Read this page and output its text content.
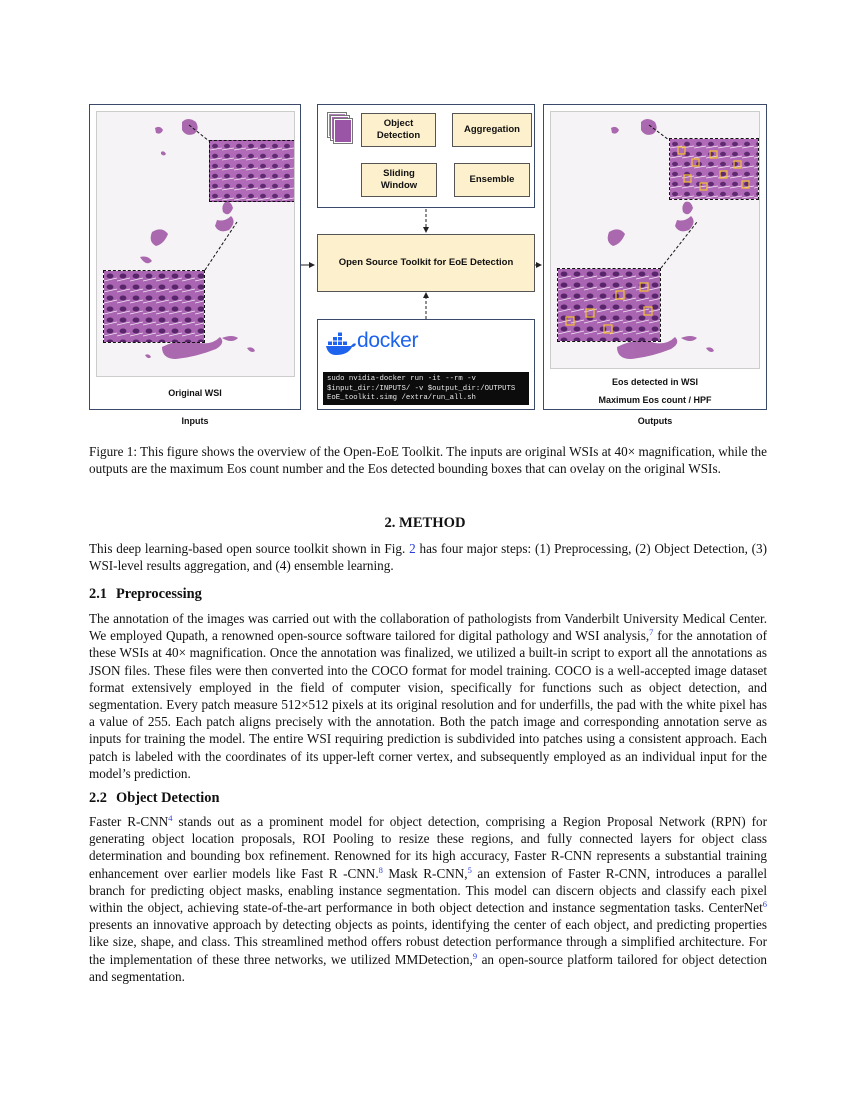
Original WSI
Inputs
Object
Detection
Aggregation
Sliding
Window
Ensemble
Open Source Toolkit for EoE Detection
docker
sudo nvidia-docker run -it --rm -v
$input_dir:/INPUTS/ -v $output_dir:/OUTPUTS
EoE_toolkit.simg /extra/run_all.sh
Eos detected in WSI
Maximum Eos count / HPF
Outputs
Figure 1: This figure shows the overview of the Open-EoE Toolkit. The inputs are original WSIs at 40× magnification, while the outputs are the maximum Eos count number and the Eos detected bounding boxes that can ovelay on the original WSIs.
2. METHOD
This deep learning-based open source toolkit shown in Fig. 2 has four major steps: (1) Preprocessing, (2) Object Detection, (3) WSI-level results aggregation, and (4) ensemble learning.
2.1 Preprocessing
The annotation of the images was carried out with the collaboration of pathologists from Vanderbilt University Medical Center. We employed Qupath, a renowned open-source software tailored for digital pathology and WSI analysis,$^7$ for the annotation of these WSIs at 40× magnification. Once the annotation was finalized, we utilized a built-in script to export all the annotations as JSON files. These files were then converted into the COCO format for model training. COCO is a well-accepted image dataset format extensively employed in the field of computer vision, specifically for functions such as object detection, and segmentation. Every patch measure 512×512 pixels at its original resolution and for underfills, the pad with the white pixel has a value of 255. Each patch aligns precisely with the annotation. Both the patch image and corresponding annotation serve as inputs for training the model. The entire WSI requiring prediction is subdivided into patches using a consistent approach. Each patch is labeled with the coordinates of its upper-left corner vertex, and subsequently employed as an individual input for the model’s prediction.
2.2 Object Detection
Faster R-CNN$^4$ stands out as a prominent model for object detection, comprising a Region Proposal Network (RPN) for generating object location proposals, ROI Pooling to resize these regions, and fully connected layers for object class determination and bounding box refinement. Renowned for its high accuracy, Faster R-CNN represents a substantial training enhancement over earlier models like Fast R -CNN.$^8$ Mask R-CNN,$^5$ an extension of Faster R-CNN, introduces a parallel branch for predicting object masks, enabling instance segmentation. This model can discern objects and classify each pixel within the object, achieving state-of-the-art performance in both object detection and instance segmentation tasks. CenterNet$^6$ presents an innovative approach by detecting objects as points, identifying the center of each object, and predicting properties like size, shape, and class. This streamlined method offers robust detection performance through a simplified architecture. For the implementation of these three networks, we utilized MMDetection,$^9$ an open-source platform tailored for object detection and segmentation.
